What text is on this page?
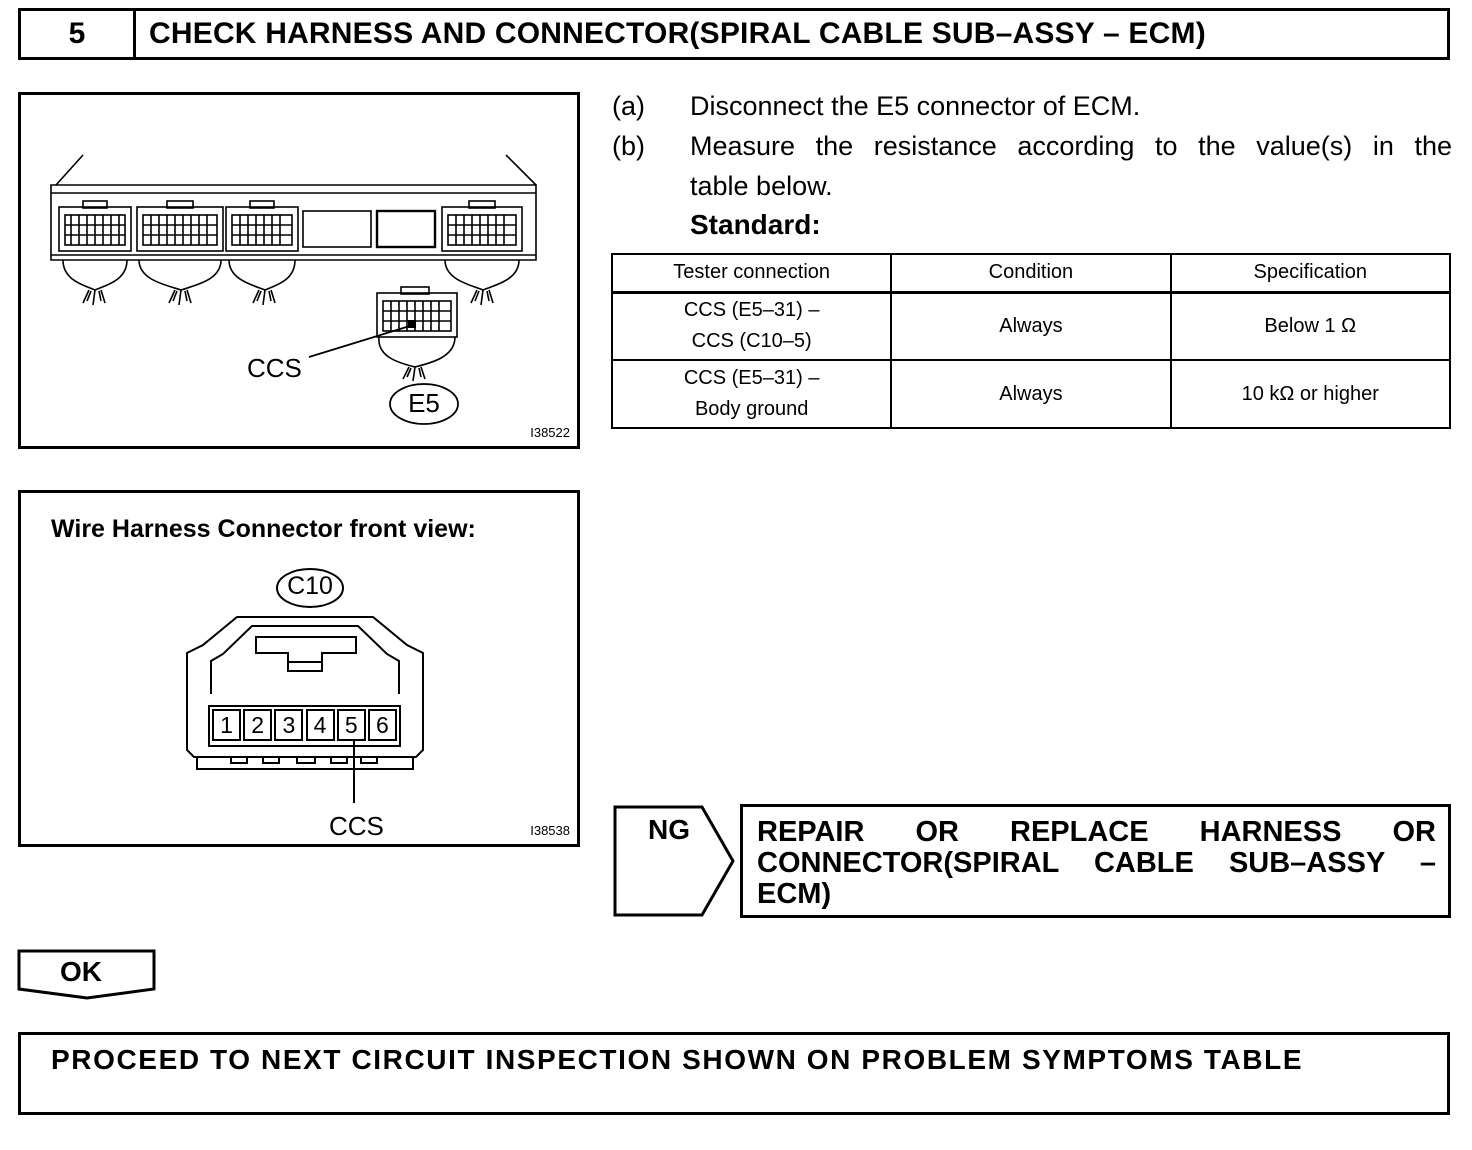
5	CHECK HARNESS AND CONNECTOR(SPIRAL CABLE SUB–ASSY – ECM)
CCS
E5
I38522
Wire Harness Connector front view:
C10
1 2 3 4 5 6
CCS	I38538
(a) Disconnect the E5 connector of ECM.
(b) Measure the resistance according to the value(s) in the
table below.
Standard:
Tester connection	Condition	Specification

CCS (E5–31) –
CCS (C10–5)	Always	Below 1 Ω

CCS (E5–31) –
Body ground	Always	10 kΩ or higher
NG REPAIR OR REPLACE HARNESS OR
CONNECTOR(SPIRAL CABLE SUB–ASSY –
ECM)
OK
PROCEED TO NEXT CIRCUIT INSPECTION SHOWN ON PROBLEM SYMPTOMS TABLE
